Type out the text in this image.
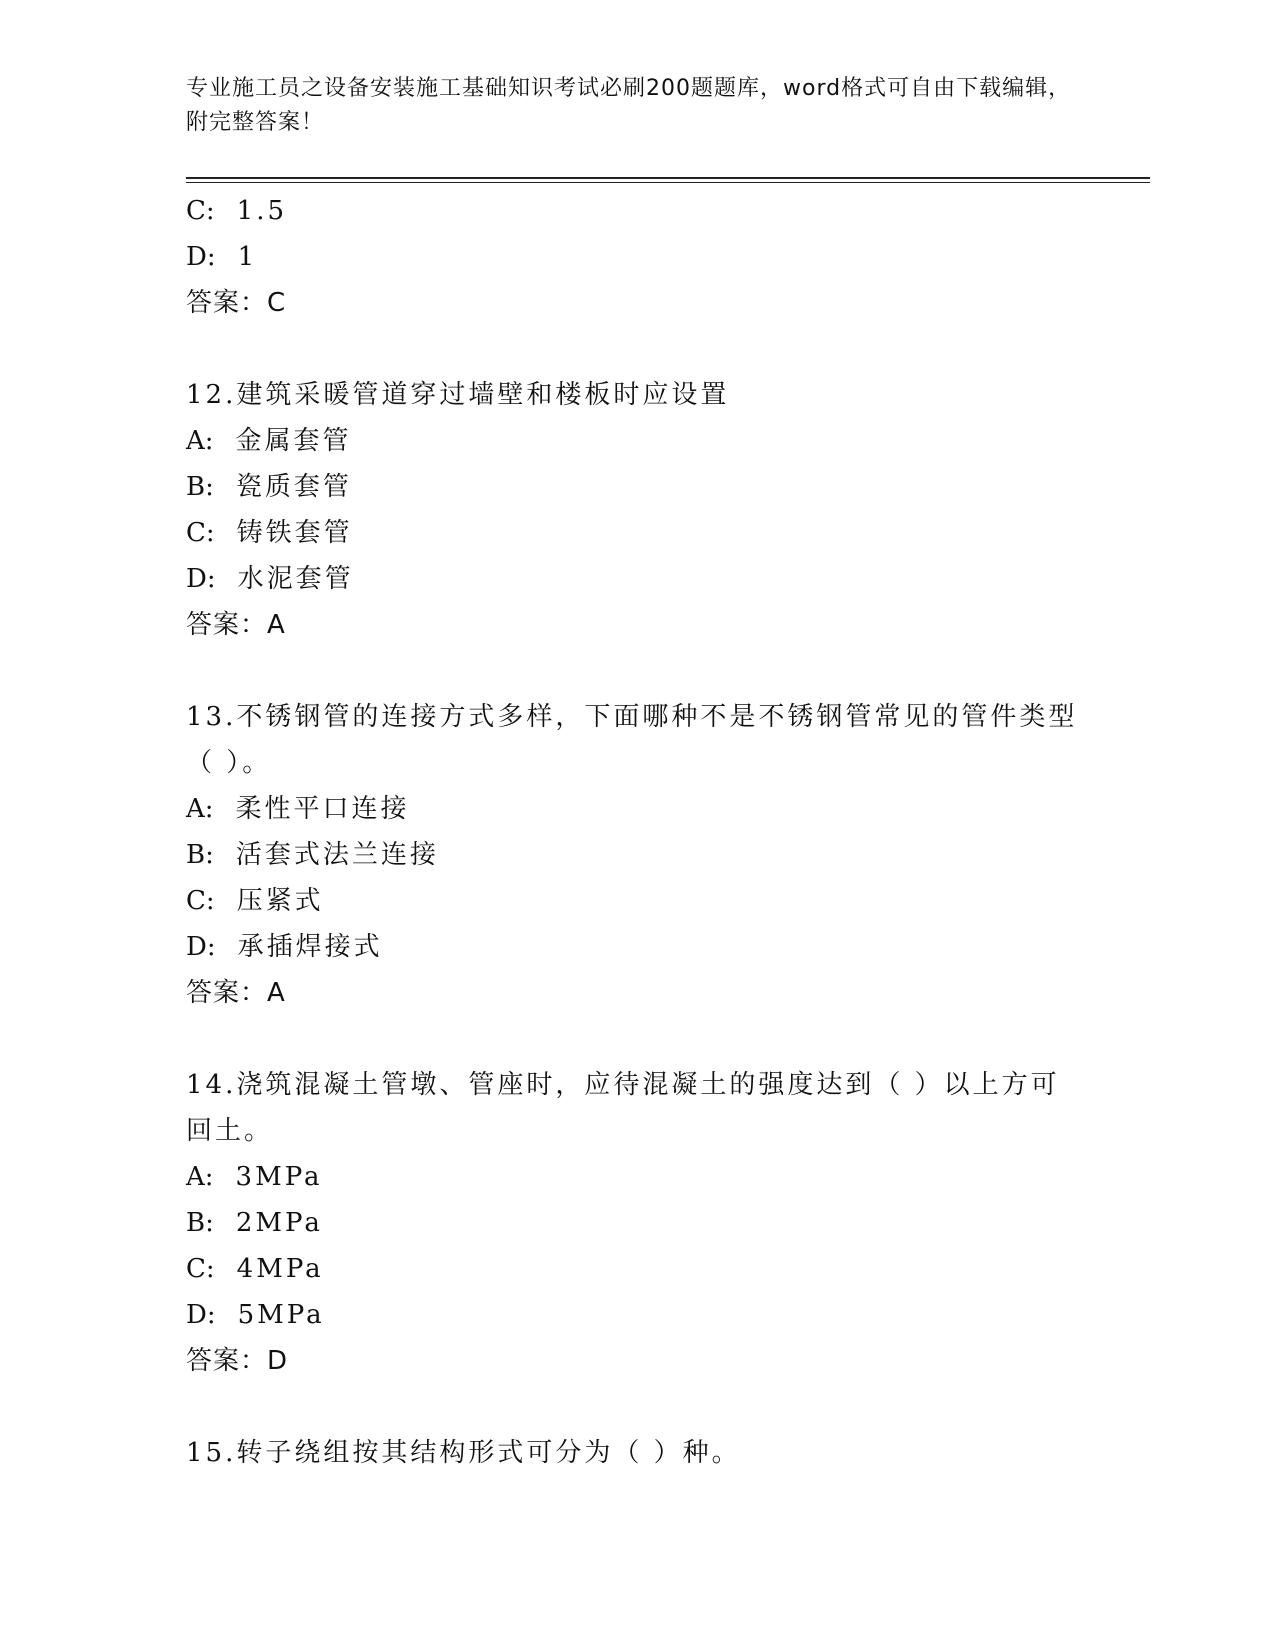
专业施工员之设备安装施工基础知识考试必刷200题题库，word格式可自由下载编辑，附完整答案！
C: 1.5
D: 1
答案：C
12.建筑采暖管道穿过墙壁和楼板时应设置
A: 金属套管
B: 瓷质套管
C: 铸铁套管
D: 水泥套管
答案：A
13.不锈钢管的连接方式多样，下面哪种不是不锈钢管常见的管件类型（ ）。
A: 柔性平口连接
B: 活套式法兰连接
C: 压紧式
D: 承插焊接式
答案：A
14.浇筑混凝土管墩、管座时，应待混凝土的强度达到（ ）以上方可回土。
A: 3MPa
B: 2MPa
C: 4MPa
D: 5MPa
答案：D
15.转子绕组按其结构形式可分为（ ）种。
